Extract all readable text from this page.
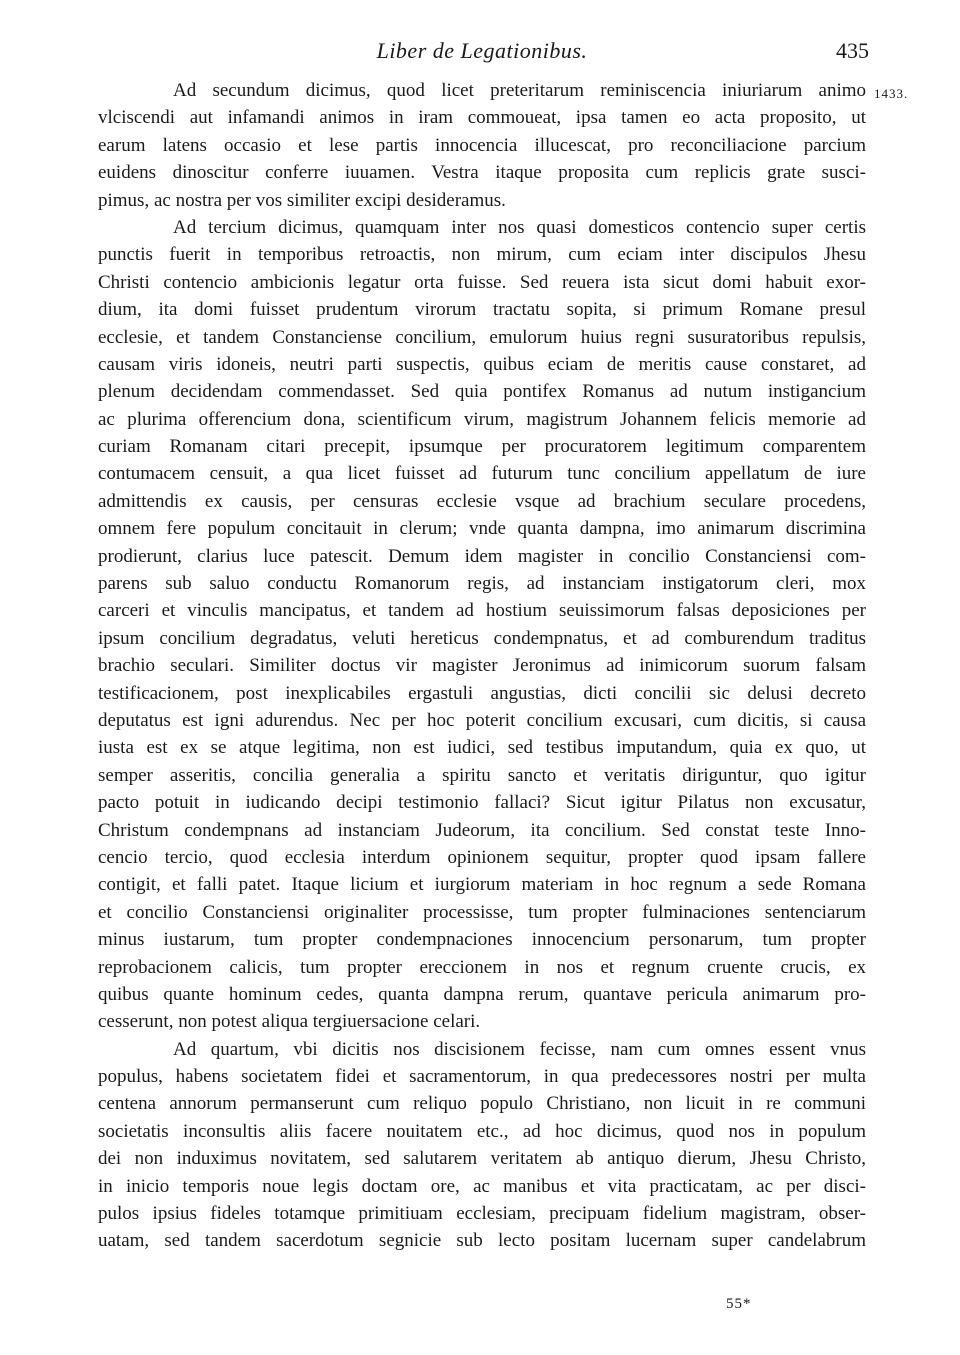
Liber de Legationibus.	435
1433.
Ad secundum dicimus, quod licet preteritarum reminiscencia iniuriarum animo
vlciscendi aut infamandi animos in iram commoueat, ipsa tamen eo acta proposito, ut
earum latens occasio et lese partis innocencia illucescat, pro reconciliacione parcium
euidens dinoscitur conferre iuuamen. Vestra itaque proposita cum replicis grate susci-
pimus, ac nostra per vos similiter excipi desideramus.
Ad tercium dicimus, quamquam inter nos quasi domesticos contencio super certis
punctis fuerit in temporibus retroactis, non mirum, cum eciam inter discipulos Jhesu
Christi contencio ambicionis legatur orta fuisse. Sed reuera ista sicut domi habuit exor-
dium, ita domi fuisset prudentum virorum tractatu sopita, si primum Romane presul
ecclesie, et tandem Constanciense concilium, emulorum huius regni susuratoribus repulsis,
causam viris idoneis, neutri parti suspectis, quibus eciam de meritis cause constaret, ad
plenum decidendam commendasset. Sed quia pontifex Romanus ad nutum instigancium
ac plurima offerencium dona, scientificum virum, magistrum Johannem felicis memorie ad
curiam Romanam citari precepit, ipsumque per procuratorem legitimum comparentem
contumacem censuit, a qua licet fuisset ad futurum tunc concilium appellatum de iure
admittendis ex causis, per censuras ecclesie vsque ad brachium seculare procedens,
omnem fere populum concitauit in clerum; vnde quanta dampna, imo animarum discrimina
prodierunt, clarius luce patescit. Demum idem magister in concilio Constanciensi com-
parens sub saluo conductu Romanorum regis, ad instanciam instigatorum cleri, mox
carceri et vinculis mancipatus, et tandem ad hostium seuissimorum falsas deposiciones per
ipsum concilium degradatus, veluti hereticus condempnatus, et ad comburendum traditus
brachio seculari. Similiter doctus vir magister Jeronimus ad inimicorum suorum falsam
testificacionem, post inexplicabiles ergastuli angustias, dicti concilii sic delusi decreto
deputatus est igni adurendus. Nec per hoc poterit concilium excusari, cum dicitis, si causa
iusta est ex se atque legitima, non est iudici, sed testibus imputandum, quia ex quo, ut
semper asseritis, concilia generalia a spiritu sancto et veritatis diriguntur, quo igitur
pacto potuit in iudicando decipi testimonio fallaci? Sicut igitur Pilatus non excusatur,
Christum condempnans ad instanciam Judeorum, ita concilium. Sed constat teste Inno-
cencio tercio, quod ecclesia interdum opinionem sequitur, propter quod ipsam fallere
contigit, et falli patet. Itaque licium et iurgiorum materiam in hoc regnum a sede Romana
et concilio Constanciensi originaliter processisse, tum propter fulminaciones sentenciarum
minus iustarum, tum propter condempnaciones innocencium personarum, tum propter
reprobacionem calicis, tum propter ereccionem in nos et regnum cruente crucis, ex
quibus quante hominum cedes, quanta dampna rerum, quantave pericula animarum pro-
cesserunt, non potest aliqua tergiuersacione celari.
Ad quartum, vbi dicitis nos discisionem fecisse, nam cum omnes essent vnus
populus, habens societatem fidei et sacramentorum, in qua predecessores nostri per multa
centena annorum permanserunt cum reliquo populo Christiano, non licuit in re communi
societatis inconsultis aliis facere nouitatem etc., ad hoc dicimus, quod nos in populum
dei non induximus novitatem, sed salutarem veritatem ab antiquo dierum, Jhesu Christo,
in inicio temporis noue legis doctam ore, ac manibus et vita practicatam, ac per disci-
pulos ipsius fideles totamque primitiuam ecclesiam, precipuam fidelium magistram, obser-
uatam, sed tandem sacerdotum segnicie sub lecto positam lucernam super candelabrum
55*
